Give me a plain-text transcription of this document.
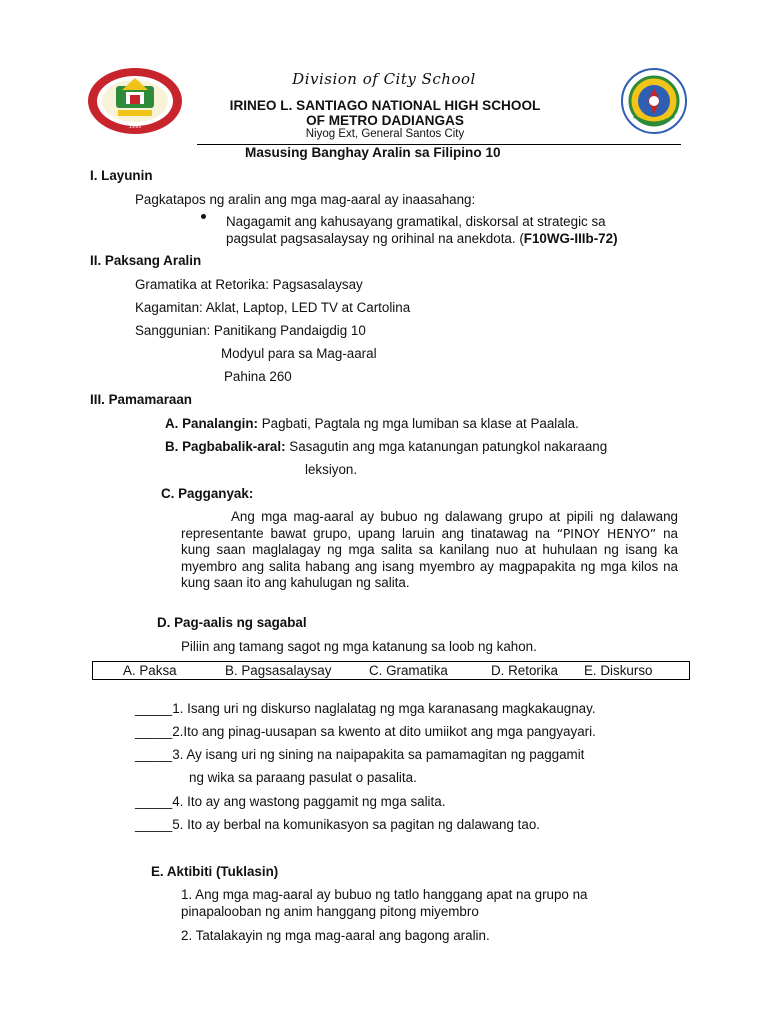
1995
Division of City School
IRINEO L. SANTIAGO NATIONAL HIGH SCHOOL
OF METRO DADIANGAS
Niyog Ext, General Santos City
Masusing Banghay Aralin sa Filipino 10
I. Layunin
Pagkatapos ng aralin ang mga mag-aaral ay inaasahang:
Nagagamit ang kahusayang gramatikal, diskorsal at strategic sa
pagsulat pagsasalaysay ng orihinal na anekdota. (F10WG-IIIb-72)
II. Paksang Aralin
Gramatika at Retorika: Pagsasalaysay
Kagamitan: Aklat, Laptop, LED TV at Cartolina
Sanggunian: Panitikang Pandaigdig 10
Modyul para sa Mag-aaral
Pahina 260
III. Pamamaraan
A. Panalangin: Pagbati, Pagtala ng mga lumiban sa klase at Paalala.
B. Pagbabalik-aral: Sasagutin ang mga katanungan patungkol nakaraang
leksiyon.
C. Pagganyak:
Ang mga mag-aaral ay bubuo ng dalawang grupo at pipili ng dalawang representante bawat grupo, upang laruin ang tinatawag na “PINOY HENYO” na kung saan maglalagay ng mga salita sa kanilang nuo at huhulaan ng isang ka myembro ang salita habang ang isang myembro ay magpapakita ng mga kilos na kung saan ito ang kahulugan ng salita.
D. Pag-aalis ng sagabal
Piliin ang tamang sagot ng mga katanung sa loob ng kahon.
A. Paksa	B. Pagsasalaysay	C. Gramatika	D. Retorika E. Diskurso
_____1. Isang uri ng diskurso naglalatag ng mga karanasang magkakaugnay.
_____2.Ito ang pinag-uusapan sa kwento at dito umiikot ang mga pangyayari.
_____3. Ay isang uri ng sining na naipapakita sa pamamagitan ng paggamit
ng wika sa paraang pasulat o pasalita.
_____4. Ito ay ang wastong paggamit ng mga salita.
_____5. Ito ay berbal na komunikasyon sa pagitan ng dalawang tao.
E. Aktibiti (Tuklasin)
1. Ang mga mag-aaral ay bubuo ng tatlo hanggang apat na grupo na
pinapalooban ng anim hanggang pitong miyembro
2. Tatalakayin ng mga mag-aaral ang bagong aralin.
